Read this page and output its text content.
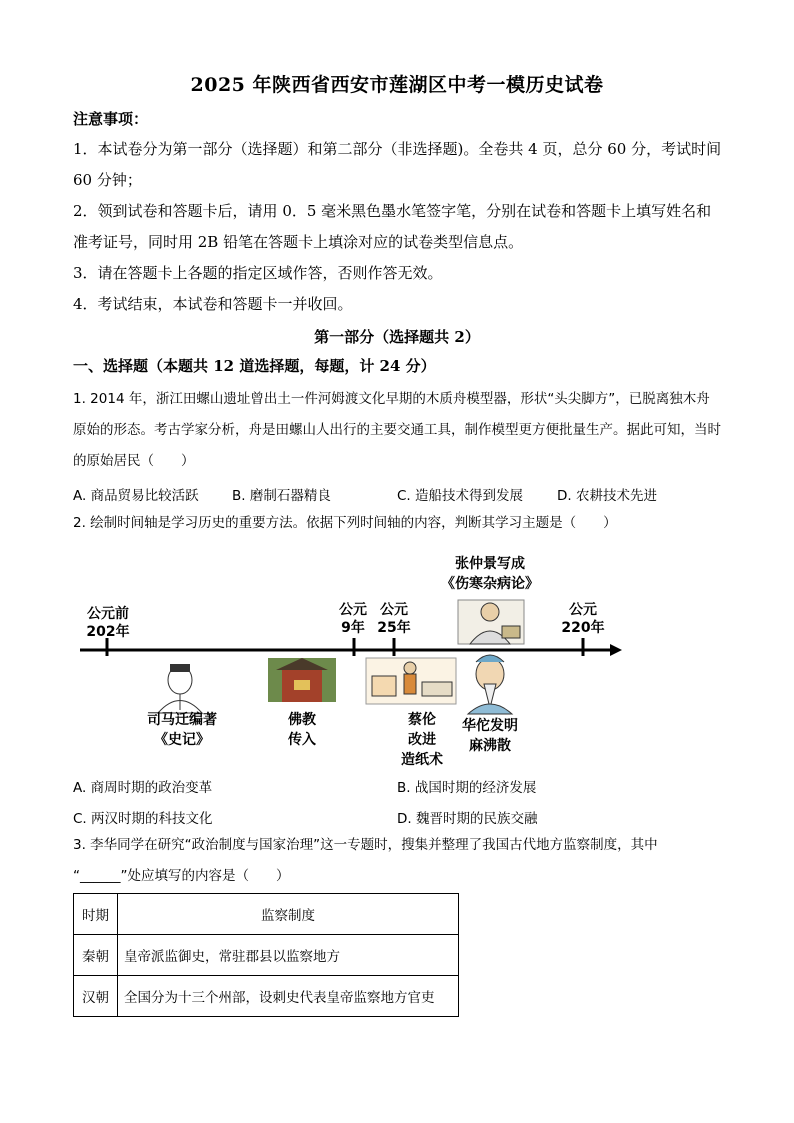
2025 年陕西省西安市莲湖区中考一模历史试卷
注意事项：
1．本试卷分为第一部分（选择题）和第二部分（非选择题)。全卷共 4 页，总分 60 分，考试时间 60 分钟；
2．领到试卷和答题卡后，请用 0．5 毫米黑色墨水笔签字笔，分别在试卷和答题卡上填写姓名和准考证号，同时用 2B 铅笔在答题卡上填涂对应的试卷类型信息点。
3．请在答题卡上各题的指定区域作答，否则作答无效。
4．考试结束，本试卷和答题卡一并收回。
第一部分（选择题共 2）
一、选择题（本题共 12 道选择题，每题，计 24 分）
1. 2014 年，浙江田螺山遗址曾出土一件河姆渡文化早期的木质舟模型器，形状“头尖脚方”，已脱离独木舟原始的形态。考古学家分析，舟是田螺山人出行的主要交通工具，制作模型更方便批量生产。据此可知，当时的原始居民（　　）
A. 商品贸易比较活跃 B. 磨制石器精良	C. 造船技术得到发展	D. 农耕技术先进
2. 绘制时间轴是学习历史的重要方法。依据下列时间轴的内容，判断其学习主题是（　　）
公元前
202年
公元
9年
公元
25年
公元
220年
张仲景写成
《伤寒杂病论》
司马迁编著
《史记》
佛教
传入
蔡伦
改进
造纸术
华佗发明
麻沸散
A. 商周时期的政治变革	B. 战国时期的经济发展
C. 两汉时期的科技文化	D. 魏晋时期的民族交融
3. 李华同学在研究“政治制度与国家治理”这一专题时，搜集并整理了我国古代地方监察制度，其中
“______”处应填写的内容是（　　）
时期	监察制度
秦朝	皇帝派监御史，常驻郡县以监察地方
汉朝	全国分为十三个州部，设刺史代表皇帝监察地方官吏
